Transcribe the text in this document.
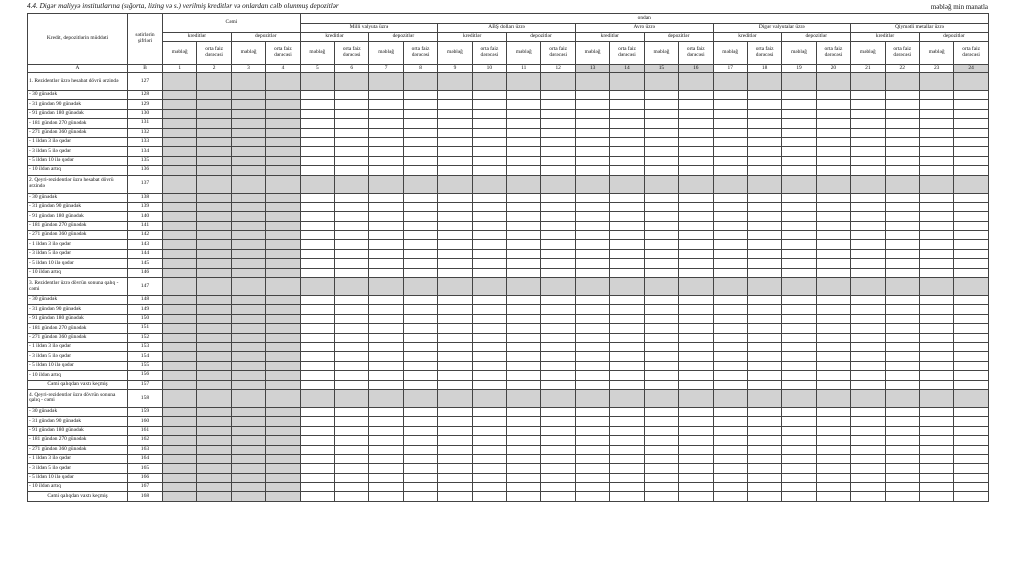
4.4. Digər maliyyə institutlarına (sığorta, lizing və s.) verilmiş kreditlər və onlardan cəlb olunmuş depozitlər	məbləğ min manatla
Kredit, depozitlərin müddəti	sətirlərin şifrləri	Cəmi				ondan																			
						Milli valyuta üzrə				ABŞ dolları üzrə				Avro üzrə				Digər valyutalar üzrə				Qiymətli metallar üzrə			
		kreditlər		depozitlər		kreditlər		depozitlər		kreditlər		depozitlər		kreditlər		depozitlər		kreditlər		depozitlər		kreditlər		depozitlər	
		məbləğ	orta faiz dərəcəsi	məbləğ	orta faiz dərəcəsi	məbləğ	orta faiz dərəcəsi	məbləğ	orta faiz dərəcəsi	məbləğ	orta faiz dərəcəsi	məbləğ	orta faiz dərəcəsi	məbləğ	orta faiz dərəcəsi	məbləğ	orta faiz dərəcəsi	məbləğ	orta faiz dərəcəsi	məbləğ	orta faiz dərəcəsi	məbləğ	orta faiz dərəcəsi	məbləğ	orta faiz dərəcəsi
A	B	1	2	3	4	5	6	7	8	9	10	11	12	13	14	15	16	17	18	19	20	21	22	23	24
1. Rezidentlər üzrə hesabat dövrü ərzində	127																								
- 30 günədək	128																								
- 31 gündən 90 günədək	129																								
- 91 gündən 180 günədək	130																								
- 181 gündən 270 günədək	131																								
- 271 gündən 360 günədək	132																								
- 1 ildən 3 ilə qədər	133																								
- 3 ildən 5 ilə qədər	134																								
- 5 ildən 10 ilə qədər	135																								
- 10 ildən artıq	136																								
2. Qeyri-rezidentlər üzrə hesabat dövrü ərzində	137																								
- 30 günədək	138																								
- 31 gündən 90 günədək	139																								
- 91 gündən 180 günədək	140																								
- 181 gündən 270 günədək	141																								
- 271 gündən 360 günədək	142																								
- 1 ildən 3 ilə qədər	143																								
- 3 ildən 5 ilə qədər	144																								
- 5 ildən 10 ilə qədər	145																								
- 10 ildən artıq	146																								
3. Rezidentlər üzrə dövrün sonuna qalıq - cəmi	147																								
- 30 günədək	148																								
- 31 gündən 90 günədək	149																								
- 91 gündən 180 günədək	150																								
- 181 gündən 270 günədək	151																								
- 271 gündən 360 günədək	152																								
- 1 ildən 3 ilə qədər	153																								
- 3 ildən 5 ilə qədər	154																								
- 5 ildən 10 ilə qədər	155																								
- 10 ildən artıq	156																								
Cəmi qalıqdan vaxtı keçmiş	157																								
4. Qeyri-rezidentlər üzrə dövrün sonuna qalıq - cəmi	158																								
- 30 günədək	159																								
- 31 gündən 90 günədək	160																								
- 91 gündən 180 günədək	161																								
- 181 gündən 270 günədək	162																								
- 271 gündən 360 günədək	163																								
- 1 ildən 3 ilə qədər	164																								
- 3 ildən 5 ilə qədər	165																								
- 5 ildən 10 ilə qədər	166																								
- 10 ildən artıq	167																								
Cəmi qalıqdan vaxtı keçmiş	168																								
